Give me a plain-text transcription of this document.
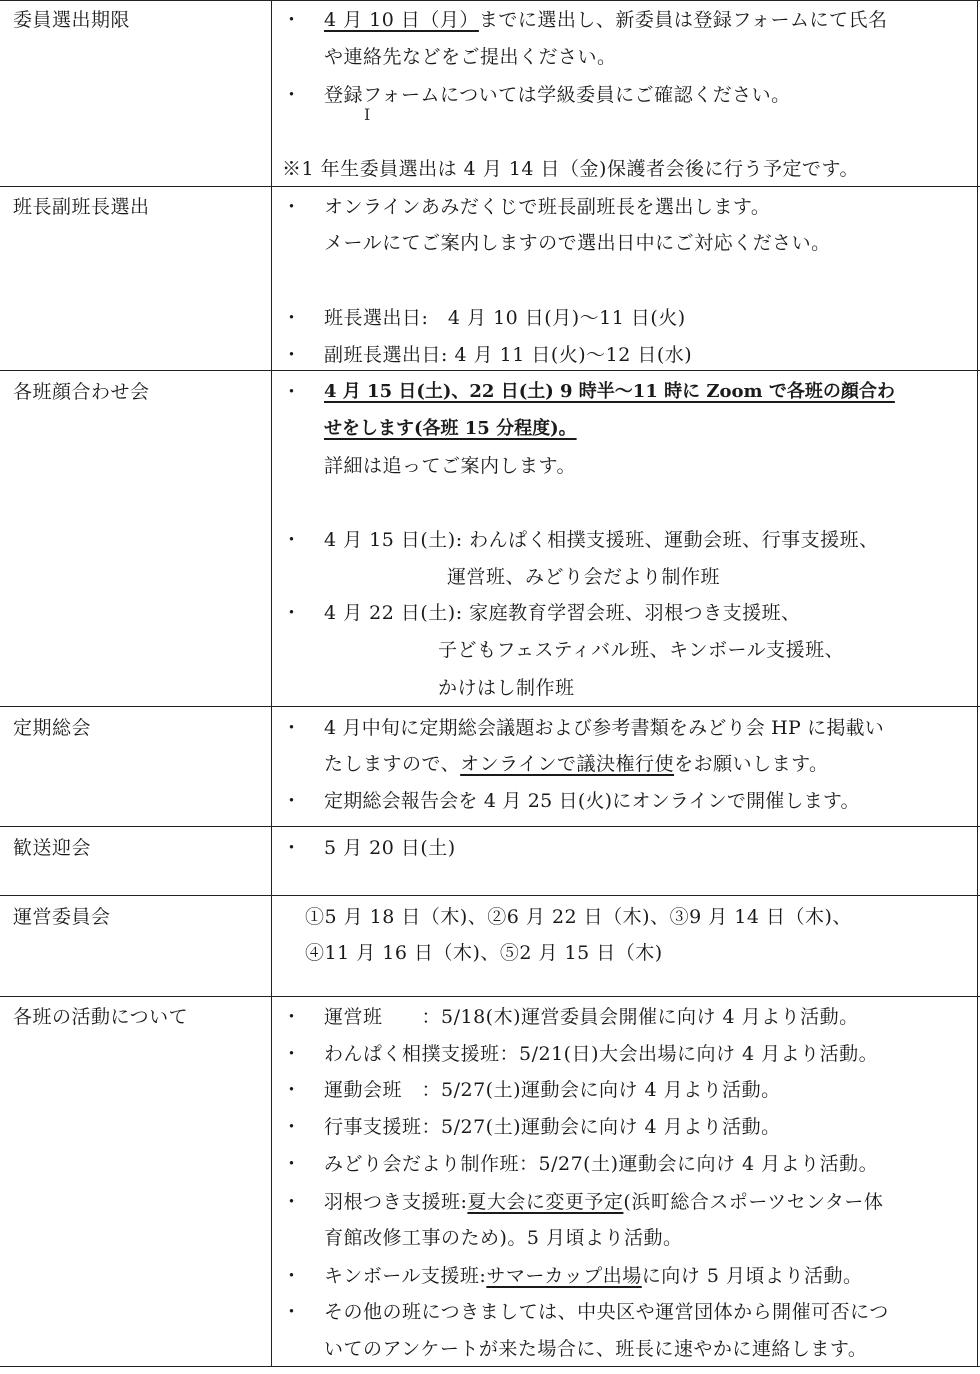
委員選出期限	・ 4 月 10 日（月）までに選出し、新委員は登録フォームにて氏名
や連絡先などをご提出ください。
・ 登録フォームについては学級委員にご確認ください。
I
※1 年生委員選出は 4 月 14 日（金)保護者会後に行う予定です。
班長副班長選出	・ オンラインあみだくじで班長副班長を選出します。
メールにてご案内しますので選出日中にご対応ください。
・ 班長選出日:　4 月 10 日(月)～11 日(火)
・ 副班長選出日: 4 月 11 日(火)～12 日(水)
各班顔合わせ会	・ 4 月 15 日(土)、22 日(土) 9 時半～11 時に Zoom で各班の顔合わ
せをします(各班 15 分程度)。
詳細は追ってご案内します。
・ 4 月 15 日(土): わんぱく相撲支援班、運動会班、行事支援班、
運営班、みどり会だより制作班
・ 4 月 22 日(土): 家庭教育学習会班、羽根つき支援班、
子どもフェスティバル班、キンボール支援班、
かけはし制作班
定期総会	・ 4 月中旬に定期総会議題および参考書類をみどり会 HP に掲載い
たしますので、オンラインで議決権行使をお願いします。
・ 定期総会報告会を 4 月 25 日(火)にオンラインで開催します。
歓送迎会	・ 5 月 20 日(土)
運営委員会	①5 月 18 日（木)、②6 月 22 日（木)、③9 月 14 日（木)、
④11 月 16 日（木)、⑤2 月 15 日（木)
各班の活動について	・ 運営班　　：5/18(木)運営委員会開催に向け 4 月より活動。
・ わんぱく相撲支援班：5/21(日)大会出場に向け 4 月より活動。
・ 運動会班　：5/27(土)運動会に向け 4 月より活動。
・ 行事支援班：5/27(土)運動会に向け 4 月より活動。
・ みどり会だより制作班：5/27(土)運動会に向け 4 月より活動。
・ 羽根つき支援班:夏大会に変更予定(浜町総合スポーツセンター体
育館改修工事のため)。5 月頃より活動。
・ キンボール支援班:サマーカップ出場に向け 5 月頃より活動。
・ その他の班につきましては、中央区や運営団体から開催可否につ
いてのアンケートが来た場合に、班長に速やかに連絡します。
